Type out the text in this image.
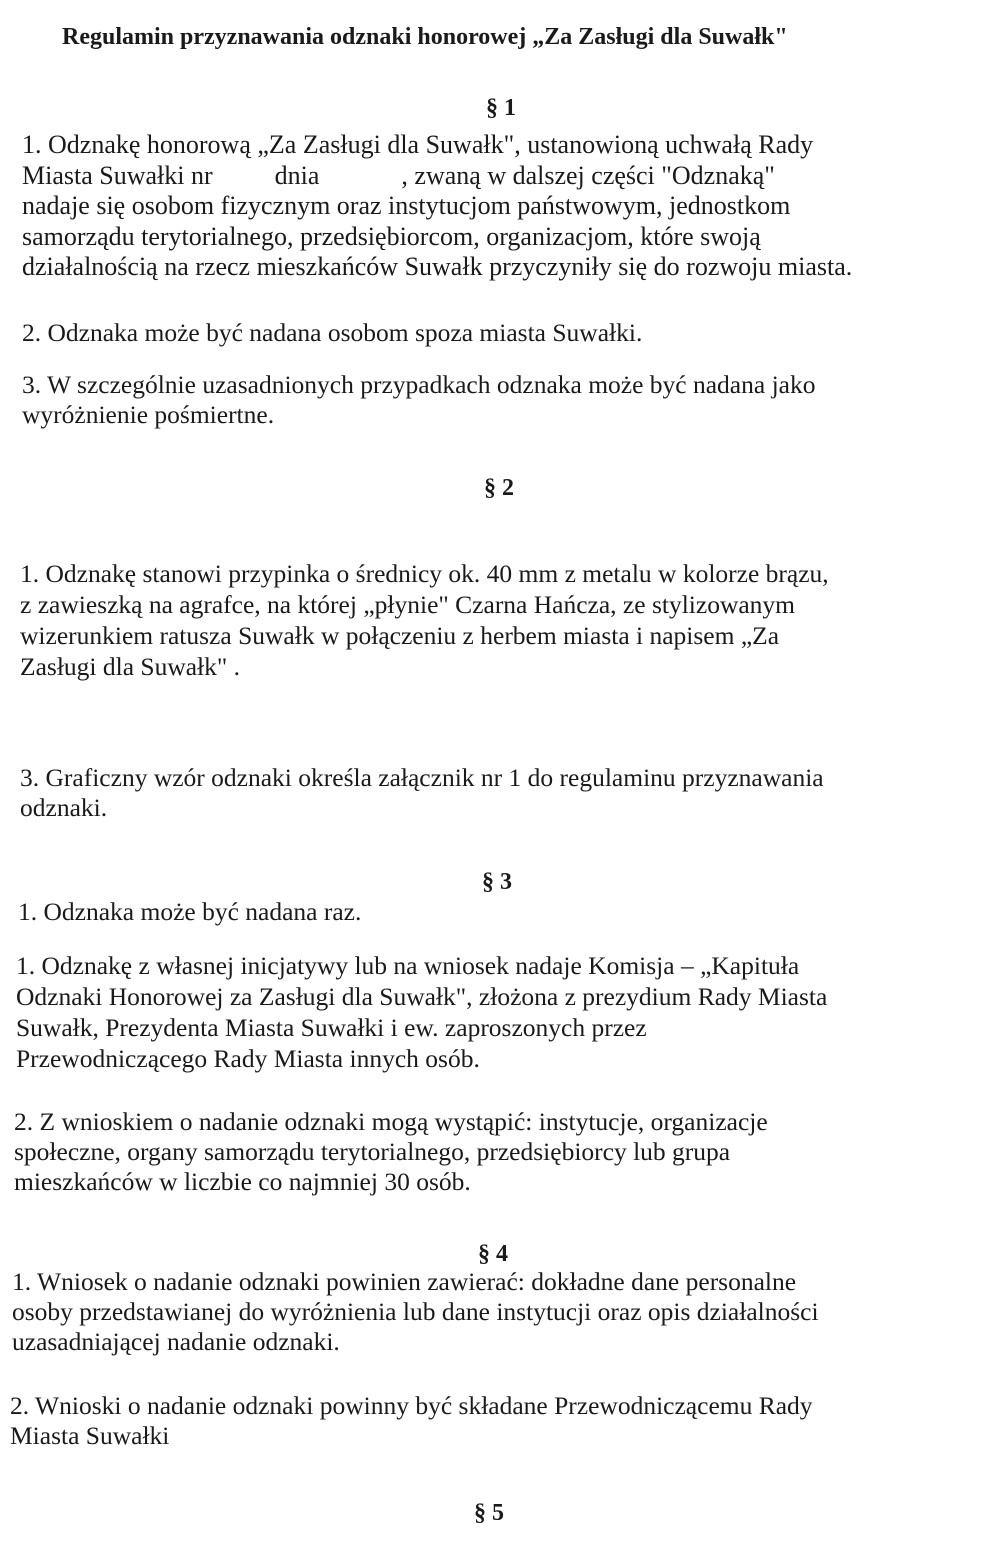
Regulamin przyznawania odznaki honorowej „Za Zasługi dla Suwałk"
§ 1
1. Odznakę honorową „Za Zasługi dla Suwałk", ustanowioną uchwałą Rady
Miasta Suwałki nr dnia	, zwaną w dalszej części "Odznaką"
nadaje się osobom fizycznym oraz instytucjom państwowym, jednostkom
samorządu terytorialnego, przedsiębiorcom, organizacjom, które swoją
działalnością na rzecz mieszkańców Suwałk przyczyniły się do rozwoju miasta.
2. Odznaka może być nadana osobom spoza miasta Suwałki.
3. W szczególnie uzasadnionych przypadkach odznaka może być nadana jako
wyróżnienie pośmiertne.
§ 2
1. Odznakę stanowi przypinka o średnicy ok. 40 mm z metalu w kolorze brązu,
z zawieszką na agrafce, na której „płynie" Czarna Hańcza, ze stylizowanym
wizerunkiem ratusza Suwałk w połączeniu z herbem miasta i napisem „Za
Zasługi dla Suwałk" .
3. Graficzny wzór odznaki określa załącznik nr 1 do regulaminu przyznawania
odznaki.
§ 3
1. Odznaka może być nadana raz.
1. Odznakę z własnej inicjatywy lub na wniosek nadaje Komisja – „Kapituła
Odznaki Honorowej za Zasługi dla Suwałk", złożona z prezydium Rady Miasta
Suwałk, Prezydenta Miasta Suwałki i ew. zaproszonych przez
Przewodniczącego Rady Miasta innych osób.
2. Z wnioskiem o nadanie odznaki mogą wystąpić: instytucje, organizacje
społeczne, organy samorządu terytorialnego, przedsiębiorcy lub grupa
mieszkańców w liczbie co najmniej 30 osób.
§ 4
1. Wniosek o nadanie odznaki powinien zawierać: dokładne dane personalne
osoby przedstawianej do wyróżnienia lub dane instytucji oraz opis działalności
uzasadniającej nadanie odznaki.
2. Wnioski o nadanie odznaki powinny być składane Przewodniczącemu Rady
Miasta Suwałki
§ 5
